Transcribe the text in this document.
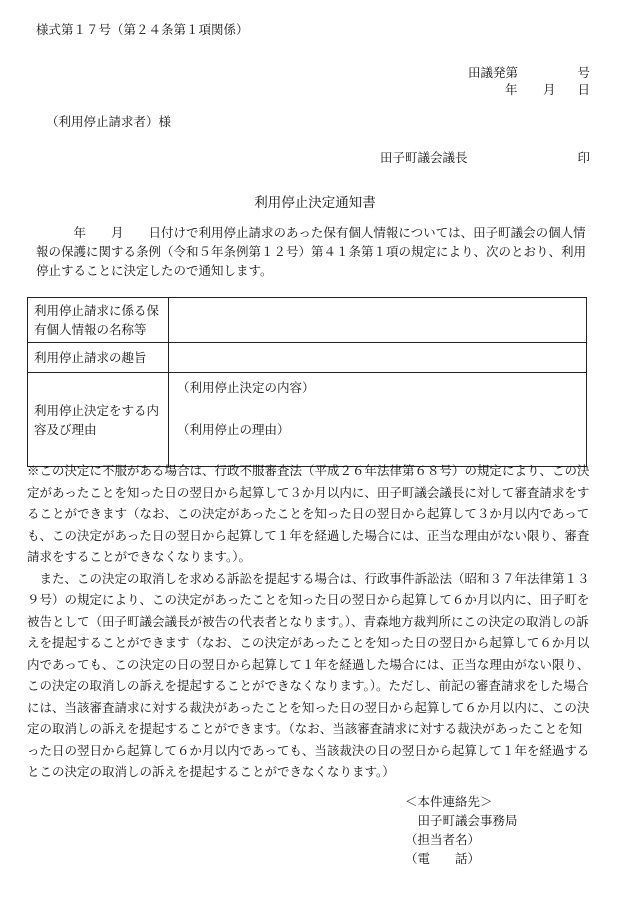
様式第１７号（第２４条第１項関係）
田議発第	号
年 月 日
（利用停止請求者）様
田子町議会議長	印
利用停止決定通知書

　　　年　　月　　日付けで利用停止請求のあった保有個人情報については、田子町議会の個人情報の保護に関する条例（令和５年条例第１２号）第４１条第１項の規定により、次のとおり、利用停止することに決定したので通知します。

利用停止請求に係る保有個人情報の名称等	
利用停止請求の趣旨	
利用停止決定をする内容及び理由	（利用停止決定の内容）
（利用停止の理由）

※この決定に不服がある場合は、行政不服審査法（平成２６年法律第６８号）の規定により、この決定があったことを知った日の翌日から起算して３か月以内に、田子町議会議長に対して審査請求をすることができます（なお、この決定があったことを知った日の翌日から起算して３か月以内であっても、この決定があった日の翌日から起算して１年を経過した場合には、正当な理由がない限り、審査請求をすることができなくなります。）。

　また、この決定の取消しを求める訴訟を提起する場合は、行政事件訴訟法（昭和３７年法律第１３９号）の規定により、この決定があったことを知った日の翌日から起算して６か月以内に、田子町を被告として（田子町議会議長が被告の代表者となります。）、青森地方裁判所にこの決定の取消しの訴えを提起することができます（なお、この決定があったことを知った日の翌日から起算して６か月以内であっても、この決定の日の翌日から起算して１年を経過した場合には、正当な理由がない限り、この決定の取消しの訴えを提起することができなくなります。）。ただし、前記の審査請求をした場合には、当該審査請求に対する裁決があったことを知った日の翌日から起算して６か月以内に、この決定の取消しの訴えを提起することができます。（なお、当該審査請求に対する裁決があったことを知った日の翌日から起算して６か月以内であっても、当該裁決の日の翌日から起算して１年を経過するとこの決定の取消しの訴えを提起することができなくなります。）

＜本件連絡先＞
　田子町議会事務局
（担当者名）
（電　　話）
